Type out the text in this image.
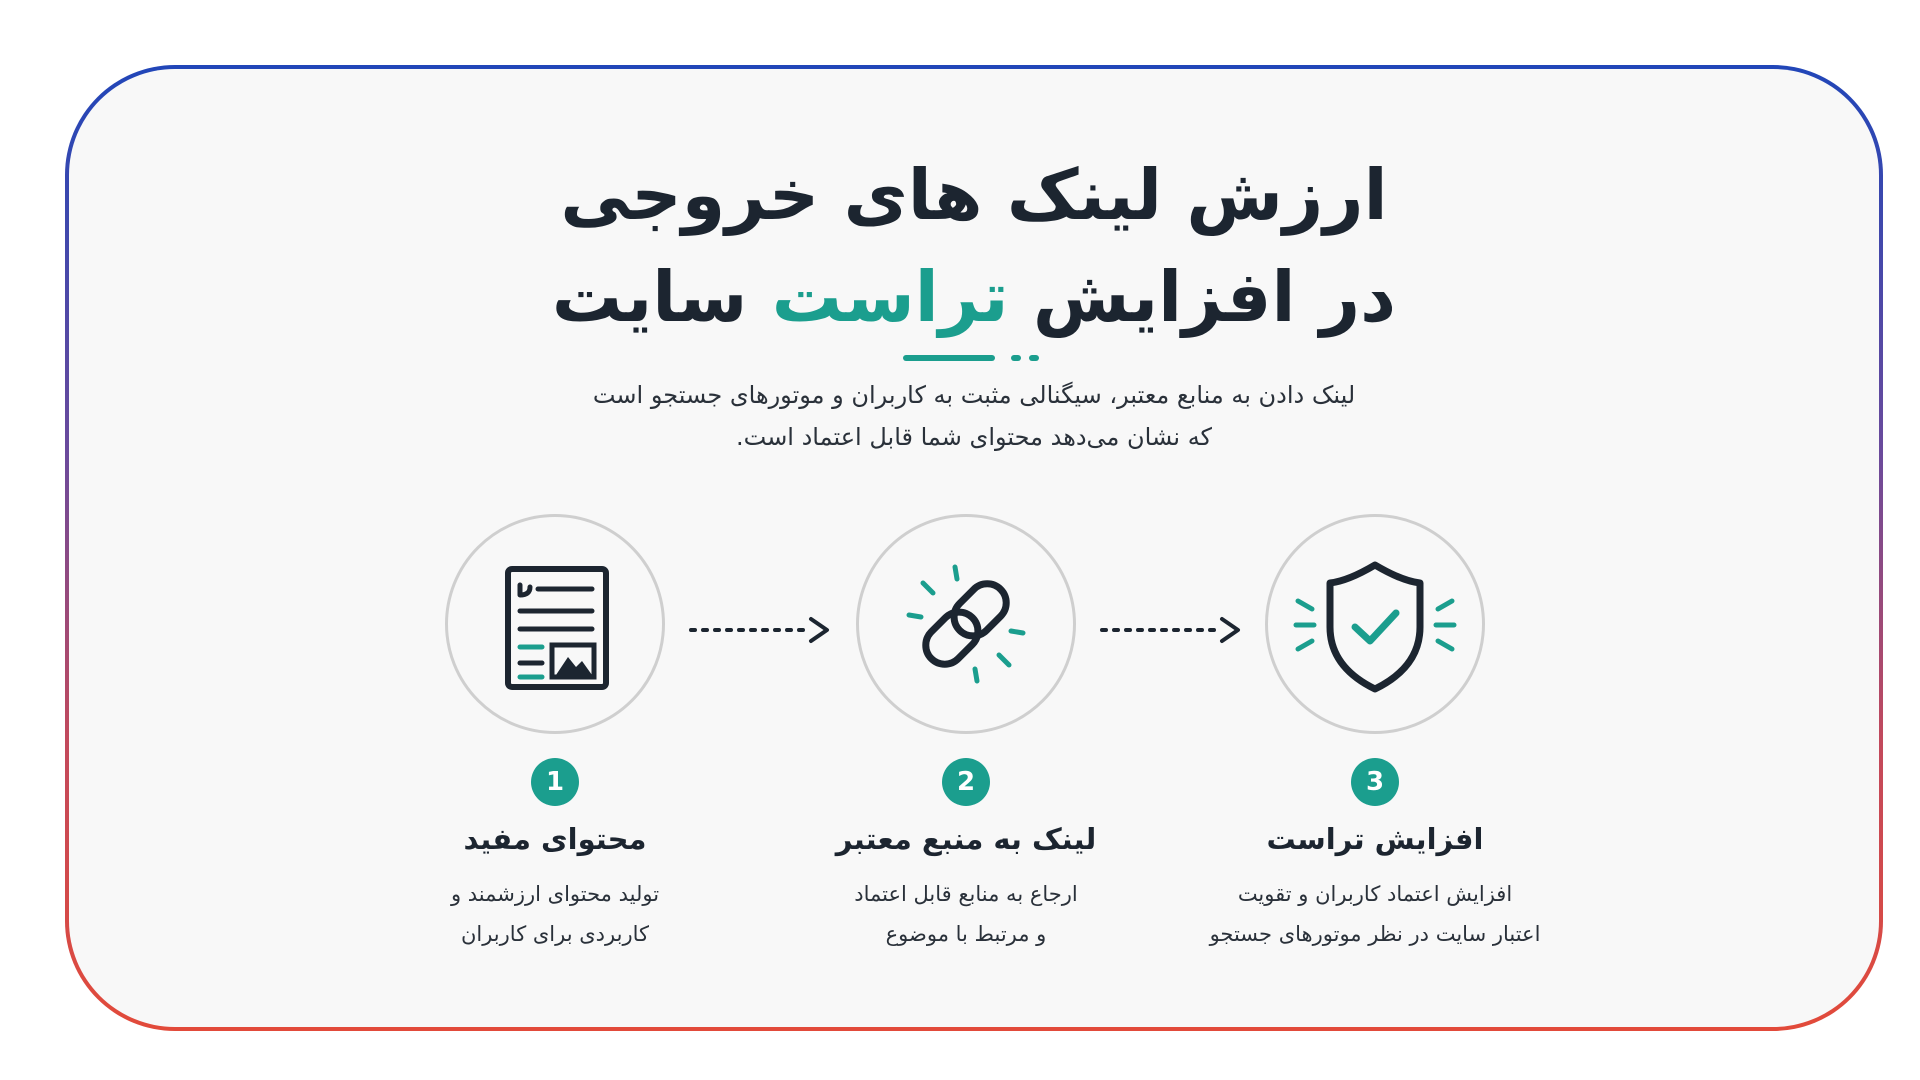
ارزش لینک های خروجی
در افزایش تراست سایت
لینک دادن به منابع معتبر، سیگنالی مثبت به کاربران و موتورهای جستجو است
که نشان می‌دهد محتوای شما قابل اعتماد است.
1	2	3
محتوای مفید	لینک به منبع معتبر	افزایش تراست
تولید محتوای ارزشمند و
کاربردی برای کاربران
ارجاع به منابع قابل اعتماد
و مرتبط با موضوع
افزایش اعتماد کاربران و تقویت
اعتبار سایت در نظر موتورهای جستجو
